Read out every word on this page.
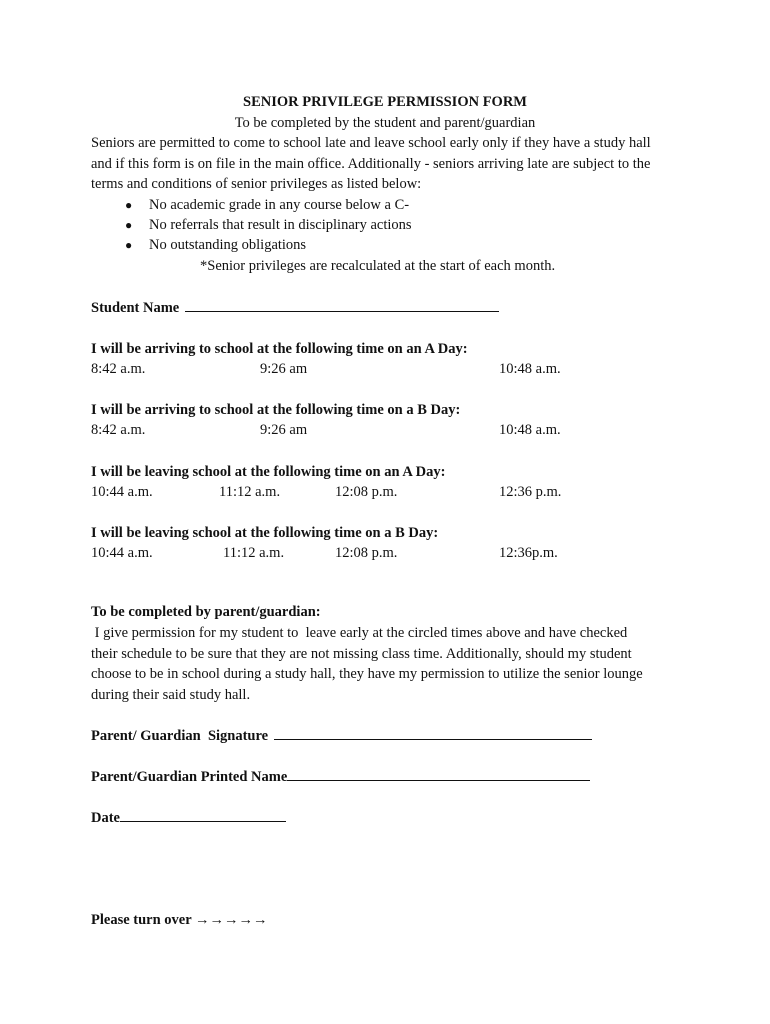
SENIOR PRIVILEGE PERMISSION FORM
To be completed by the student and parent/guardian
Seniors are permitted to come to school late and leave school early only if they have a study hall
and if this form is on file in the main office. Additionally - seniors arriving late are subject to the
terms and conditions of senior privileges as listed below:
● No academic grade in any course below a C-
● No referrals that result in disciplinary actions
● No outstanding obligations
*Senior privileges are recalculated at the start of each month.
Student Name
I will be arriving to school at the following time on an A Day:
8:42 a.m.	9:26 am	10:48 a.m.
I will be arriving to school at the following time on a B Day:
8:42 a.m.	9:26 am	10:48 a.m.
I will be leaving school at the following time on an A Day:
10:44 a.m.	11:12 a.m.	12:08 p.m.	12:36 p.m.
I will be leaving school at the following time on a B Day:
10:44 a.m.	11:12 a.m.	12:08 p.m.	12:36p.m.
To be completed by parent/guardian:
I give permission for my student to  leave early at the circled times above and have checked
their schedule to be sure that they are not missing class time. Additionally, should my student
choose to be in school during a study hall, they have my permission to utilize the senior lounge
during their said study hall.
Parent/ Guardian  Signature
Parent/Guardian Printed Name
Date
Please turn over →→→→→
